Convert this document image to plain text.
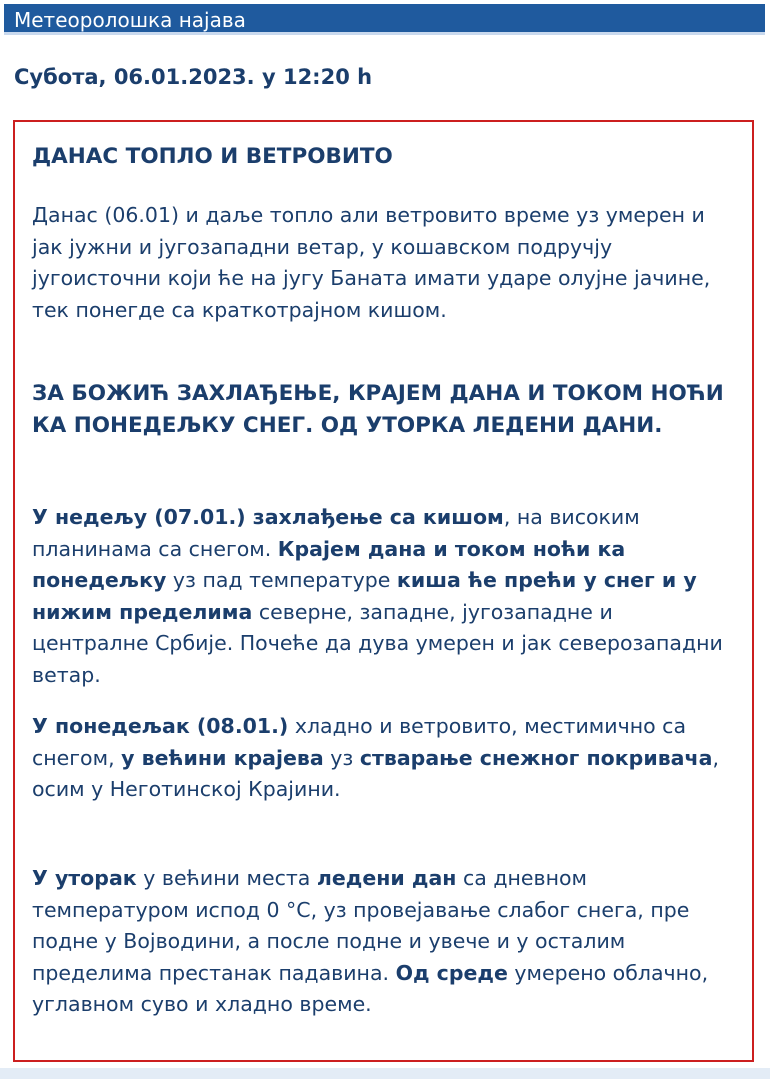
Метеоролошка најава
Субота, 06.01.2023. у 12:20 h
ДАНАС ТОПЛО И ВЕТРОВИТО
Данас (06.01) и даље топло али ветровито време уз умерен и јак јужни и југозападни ветар, у кошавском подручју југоисточни који ће на југу Баната имати ударе олујне јачине, тек понегде са краткотрајном кишом.
ЗА БОЖИЋ ЗАХЛАЂЕЊЕ, КРАЈЕМ ДАНА И ТОКОМ НОЋИ КА ПОНЕДЕЉКУ СНЕГ. ОД УТОРКА ЛЕДЕНИ ДАНИ.
У недељу (07.01.) захлађење са кишом, на високим планинама са снегом. Крајем дана и током ноћи ка понедељку уз пад температуре киша ће прећи у снег и у нижим пределима северне, западне, југозападне и централне Србије. Почеће да дува умерен и јак северозападни ветар.
У понедељак (08.01.) хладно и ветровито, местимично са снегом, у већини крајева уз стварање снежног покривача, осим у Неготинској Крајини.
У уторак у већини места ледени дан са дневном температуром испод 0 °C, уз провејавање слабог снега, пре подне у Војводини, а после подне и увече и у осталим пределима престанак падавина. Од среде умерено облачно, углавном суво и хладно време.
